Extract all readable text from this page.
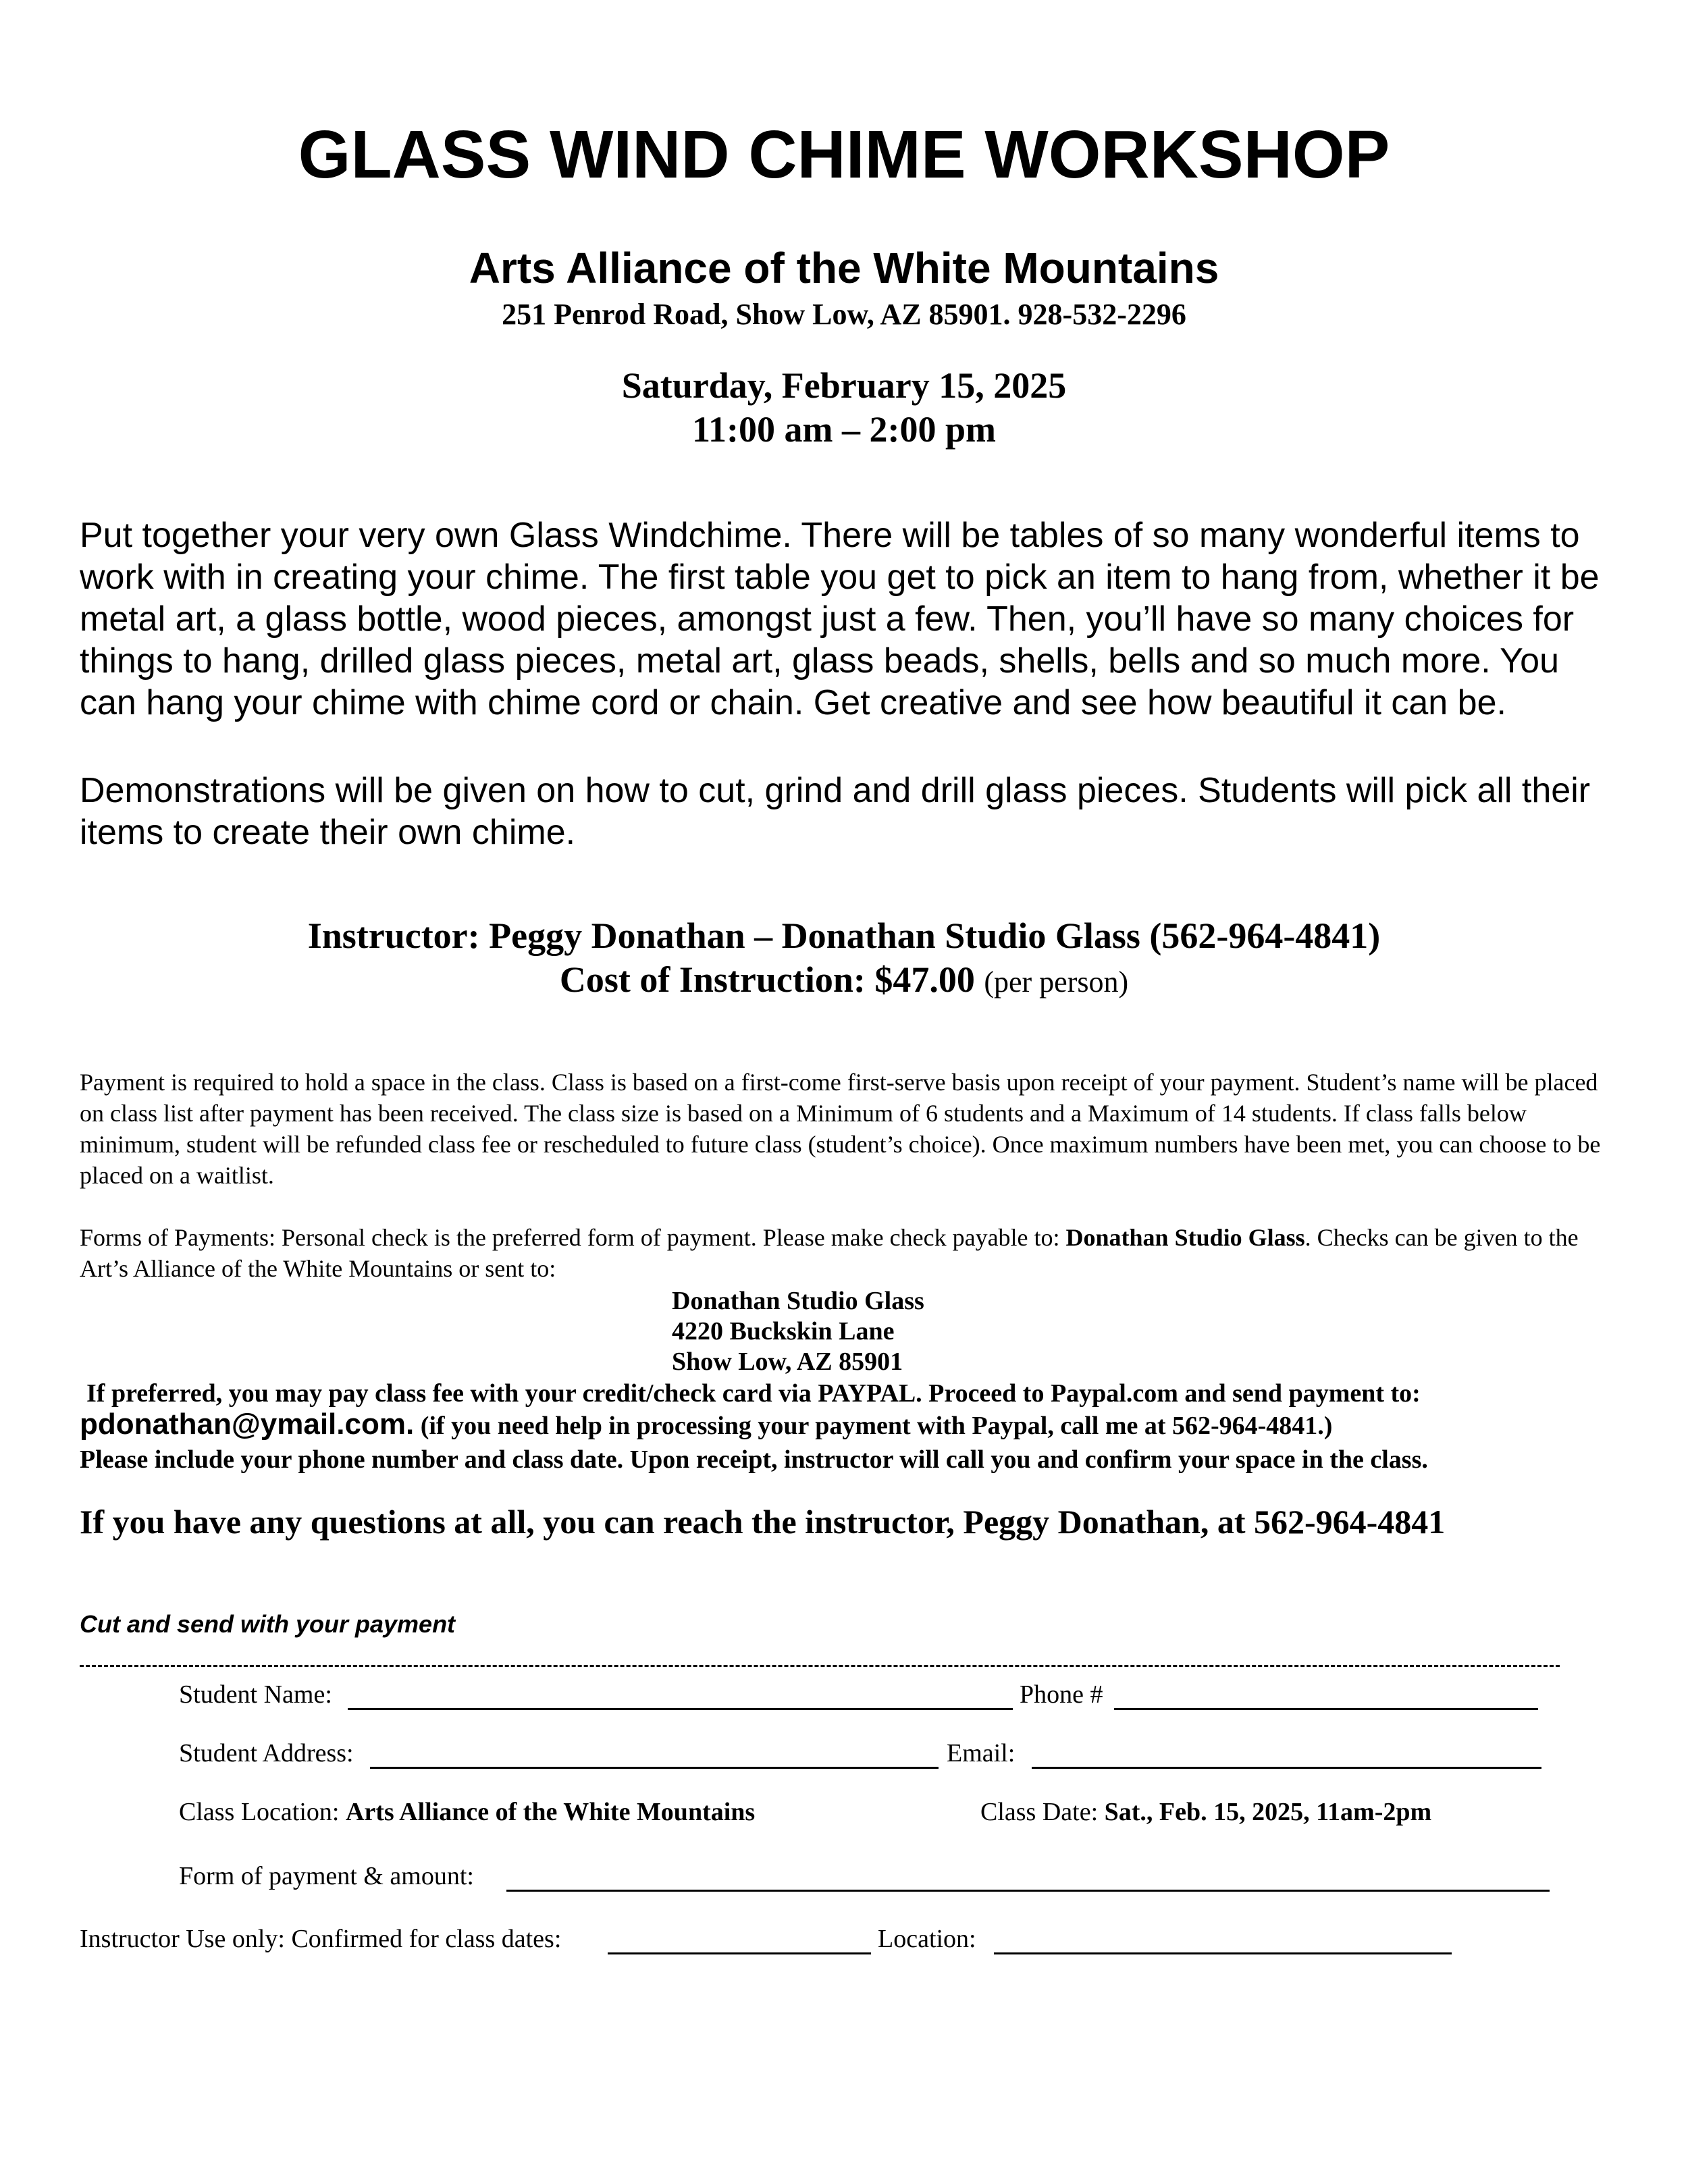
GLASS WIND CHIME WORKSHOP
Arts Alliance of the White Mountains
251 Penrod Road, Show Low, AZ 85901. 928-532-2296
Saturday, February 15, 2025
11:00 am – 2:00 pm
Put together your very own Glass Windchime. There will be tables of so many wonderful items to work with in creating your chime. The first table you get to pick an item to hang from, whether it be metal art, a glass bottle, wood pieces, amongst just a few. Then, you’ll have so many choices for things to hang, drilled glass pieces, metal art, glass beads, shells, bells and so much more. You can hang your chime with chime cord or chain. Get creative and see how beautiful it can be.
Demonstrations will be given on how to cut, grind and drill glass pieces. Students will pick all their items to create their own chime.
Instructor: Peggy Donathan – Donathan Studio Glass (562-964-4841)
Cost of Instruction: $47.00 (per person)
Payment is required to hold a space in the class. Class is based on a first-come first-serve basis upon receipt of your payment. Student’s name will be placed on class list after payment has been received. The class size is based on a Minimum of 6 students and a Maximum of 14 students. If class falls below minimum, student will be refunded class fee or rescheduled to future class (student’s choice). Once maximum numbers have been met, you can choose to be placed on a waitlist.
Forms of Payments: Personal check is the preferred form of payment. Please make check payable to: Donathan Studio Glass. Checks can be given to the Art’s Alliance of the White Mountains or sent to:
Donathan Studio Glass
4220 Buckskin Lane
Show Low, AZ 85901
If preferred, you may pay class fee with your credit/check card via PAYPAL. Proceed to Paypal.com and send payment to:
pdonathan@ymail.com. (if you need help in processing your payment with Paypal, call me at 562-964-4841.)
Please include your phone number and class date. Upon receipt, instructor will call you and confirm your space in the class.
If you have any questions at all, you can reach the instructor, Peggy Donathan, at 562-964-4841
Cut and send with your payment
Student Name:	Phone #
Student Address:	Email:
Class Location: Arts Alliance of the White Mountains	Class Date: Sat., Feb. 15, 2025, 11am-2pm
Form of payment & amount:
Instructor Use only: Confirmed for class dates:	Location:
